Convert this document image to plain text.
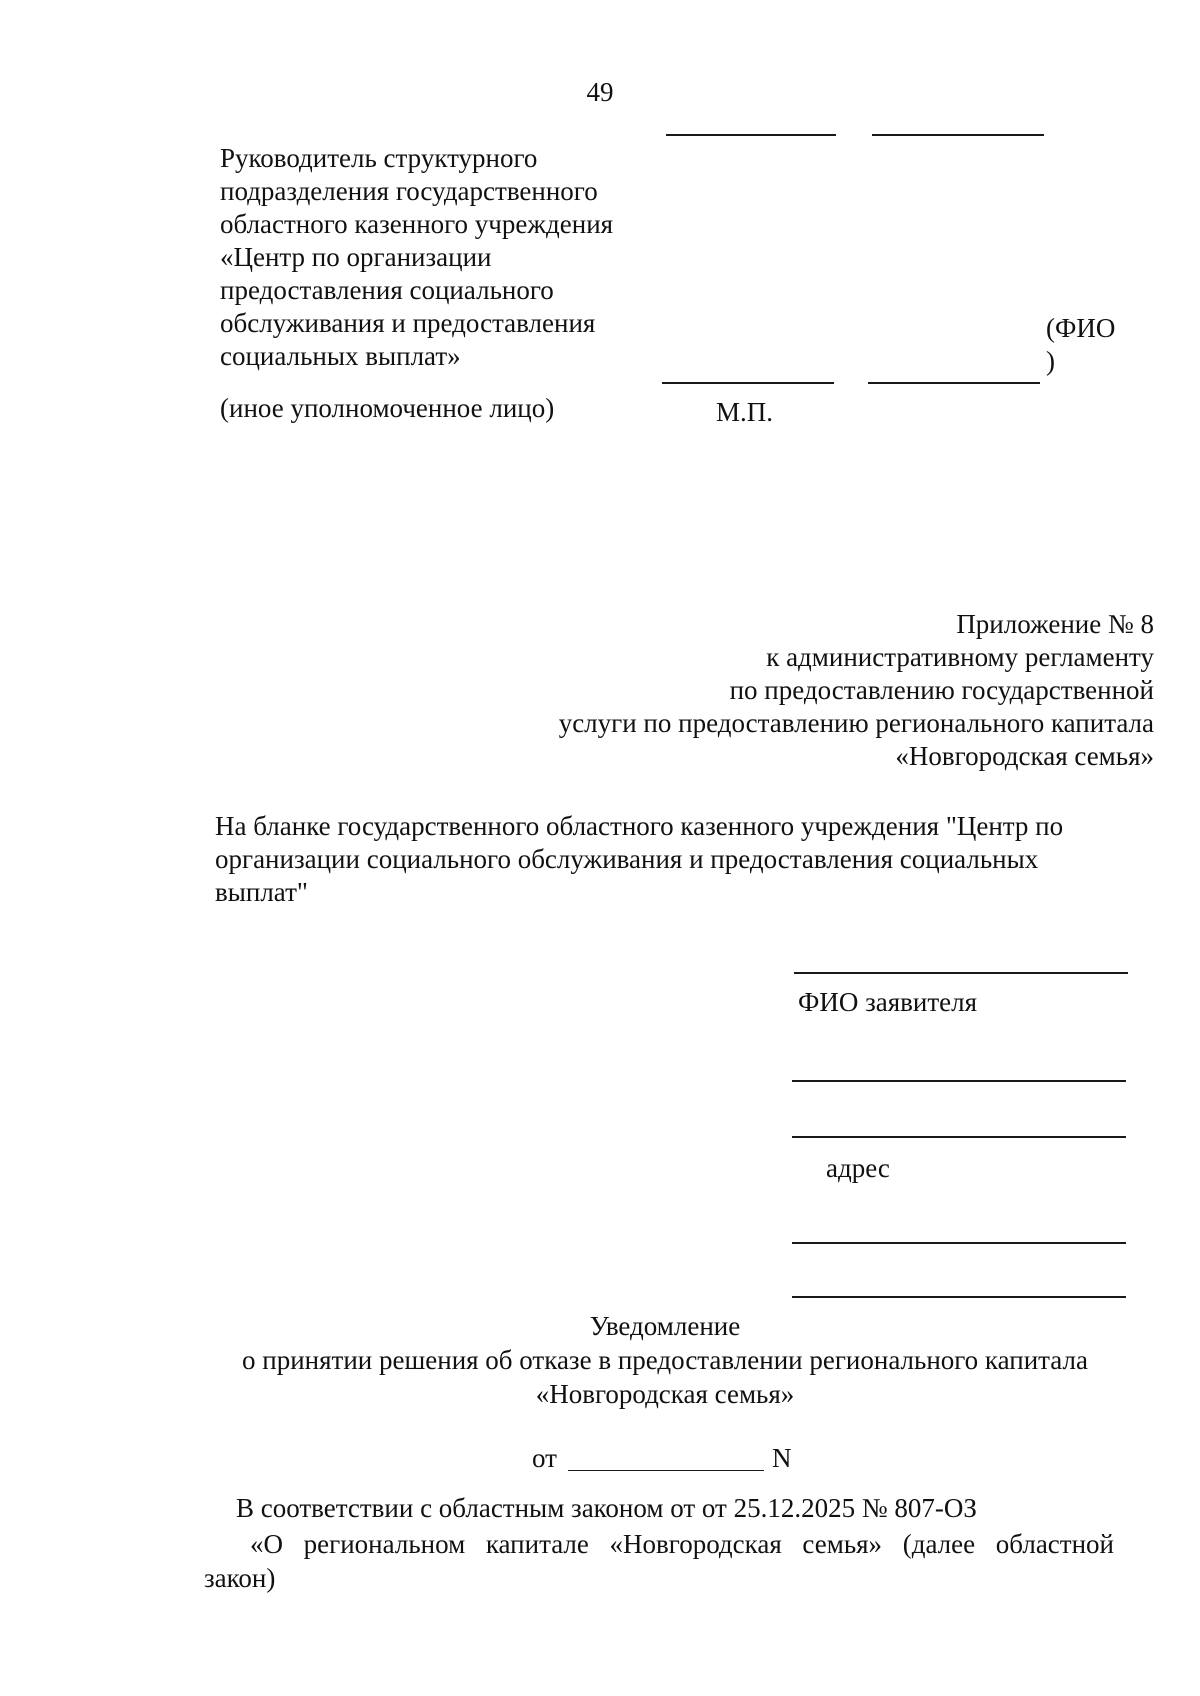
49
Руководитель структурного
подразделения государственного
областного казенного учреждения
«Центр по организации
предоставления социального
обслуживания и предоставления
социальных выплат»
(ФИО
)
(иное уполномоченное лицо)	М.П.
Приложение № 8
к административному регламенту
по предоставлению государственной
услуги по предоставлению регионального капитала
«Новгородская семья»
На бланке государственного областного казенного учреждения "Центр по
организации социального обслуживания и предоставления социальных
выплат"
ФИО заявителя
адрес
Уведомление
о принятии решения об отказе в предоставлении регионального капитала
«Новгородская семья»
от	N
В соответствии с областным законом от от 25.12.2025 № 807-ОЗ
«О региональном капитале «Новгородская семья» (далее областной
закон)
